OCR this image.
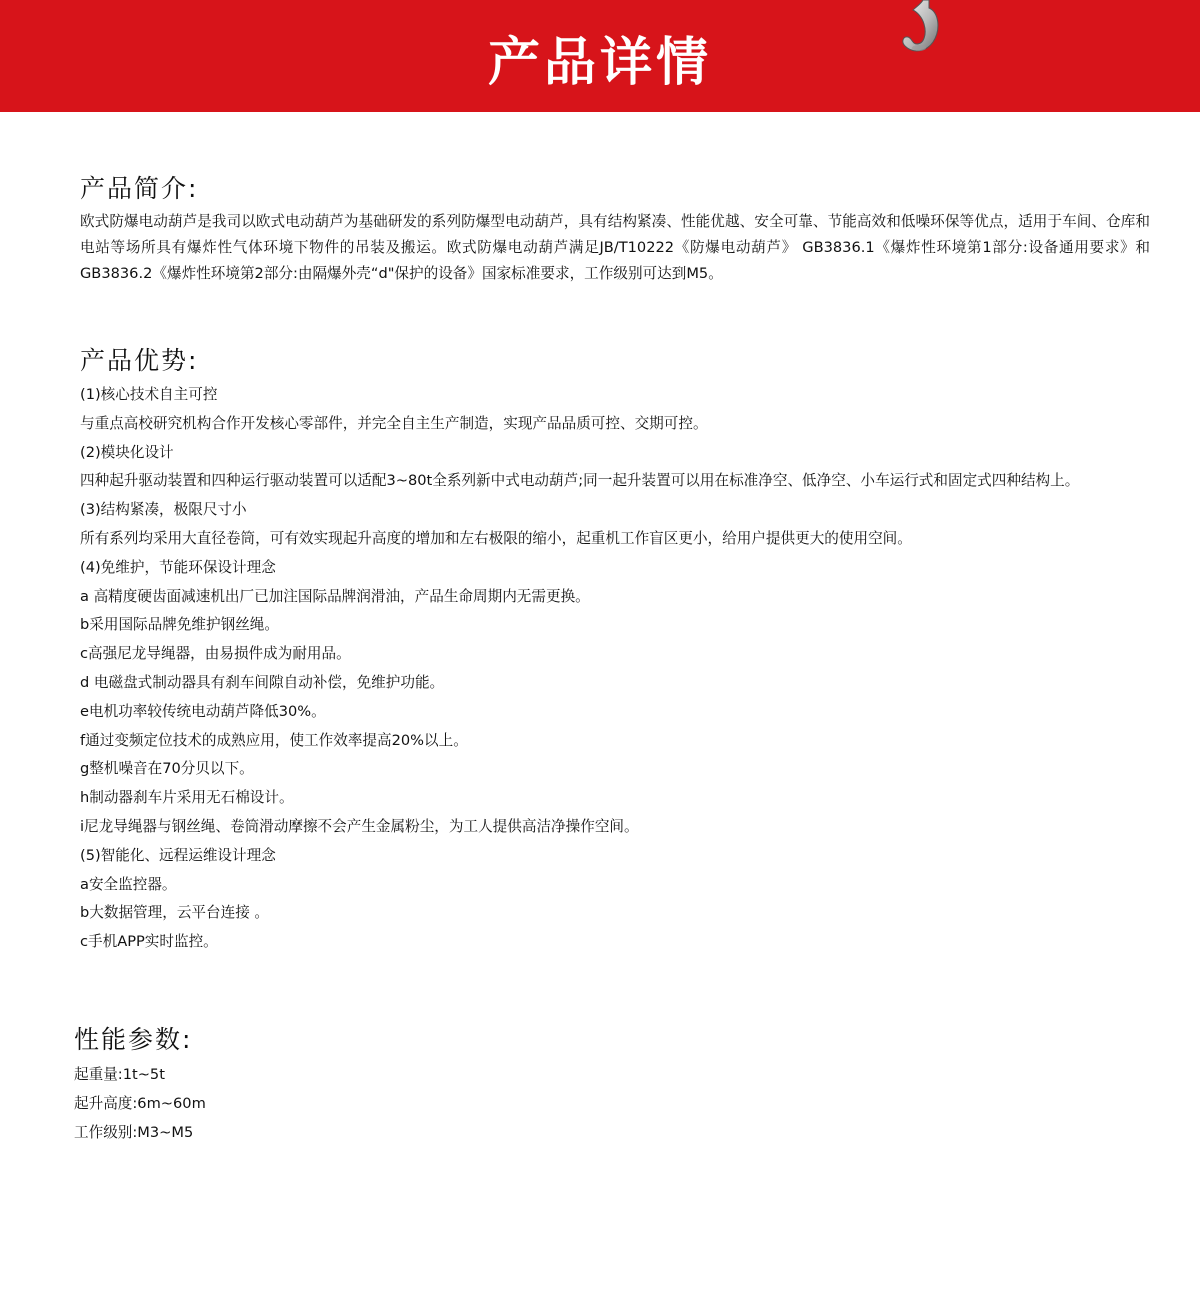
产品详情
产品简介:
欧式防爆电动葫芦是我司以欧式电动葫芦为基础研发的系列防爆型电动葫芦，具有结构紧凑、性能优越、安全可靠、节能高效和低噪环保等优点，适用于车间、仓库和电站等场所具有爆炸性气体环境下物件的吊装及搬运。欧式防爆电动葫芦满足JB/T10222《防爆电动葫芦》 GB3836.1《爆炸性环境第1部分:设备通用要求》和GB3836.2《爆炸性环境第2部分:由隔爆外壳“d"保护的设备》国家标准要求，工作级别可达到M5。
产品优势:
(1)核心技术自主可控
与重点高校研究机构合作开发核心零部件，并完全自主生产制造，实现产品品质可控、交期可控。
(2)模块化设计
四种起升驱动装置和四种运行驱动装置可以适配3~80t全系列新中式电动葫芦;同一起升装置可以用在标准净空、低净空、小车运行式和固定式四种结构上。
(3)结构紧凑，极限尺寸小
所有系列均采用大直径卷筒，可有效实现起升高度的增加和左右极限的缩小，起重机工作盲区更小，给用户提供更大的使用空间。
(4)免维护，节能环保设计理念
a 高精度硬齿面减速机出厂已加注国际品牌润滑油，产品生命周期内无需更换。
b采用国际品牌免维护钢丝绳。
c高强尼龙导绳器，由易损件成为耐用品。
d 电磁盘式制动器具有刹车间隙自动补偿，免维护功能。
e电机功率较传统电动葫芦降低30%。
f通过变频定位技术的成熟应用，使工作效率提高20%以上。
g整机噪音在70分贝以下。
h制动器刹车片采用无石棉设计。
i尼龙导绳器与钢丝绳、卷筒滑动摩擦不会产生金属粉尘，为工人提供高洁净操作空间。
(5)智能化、远程运维设计理念
a安全监控器。
b大数据管理，云平台连接 。
c手机APP实时监控。
性能参数:
起重量:1t~5t
起升高度:6m~60m
工作级别:M3~M5
